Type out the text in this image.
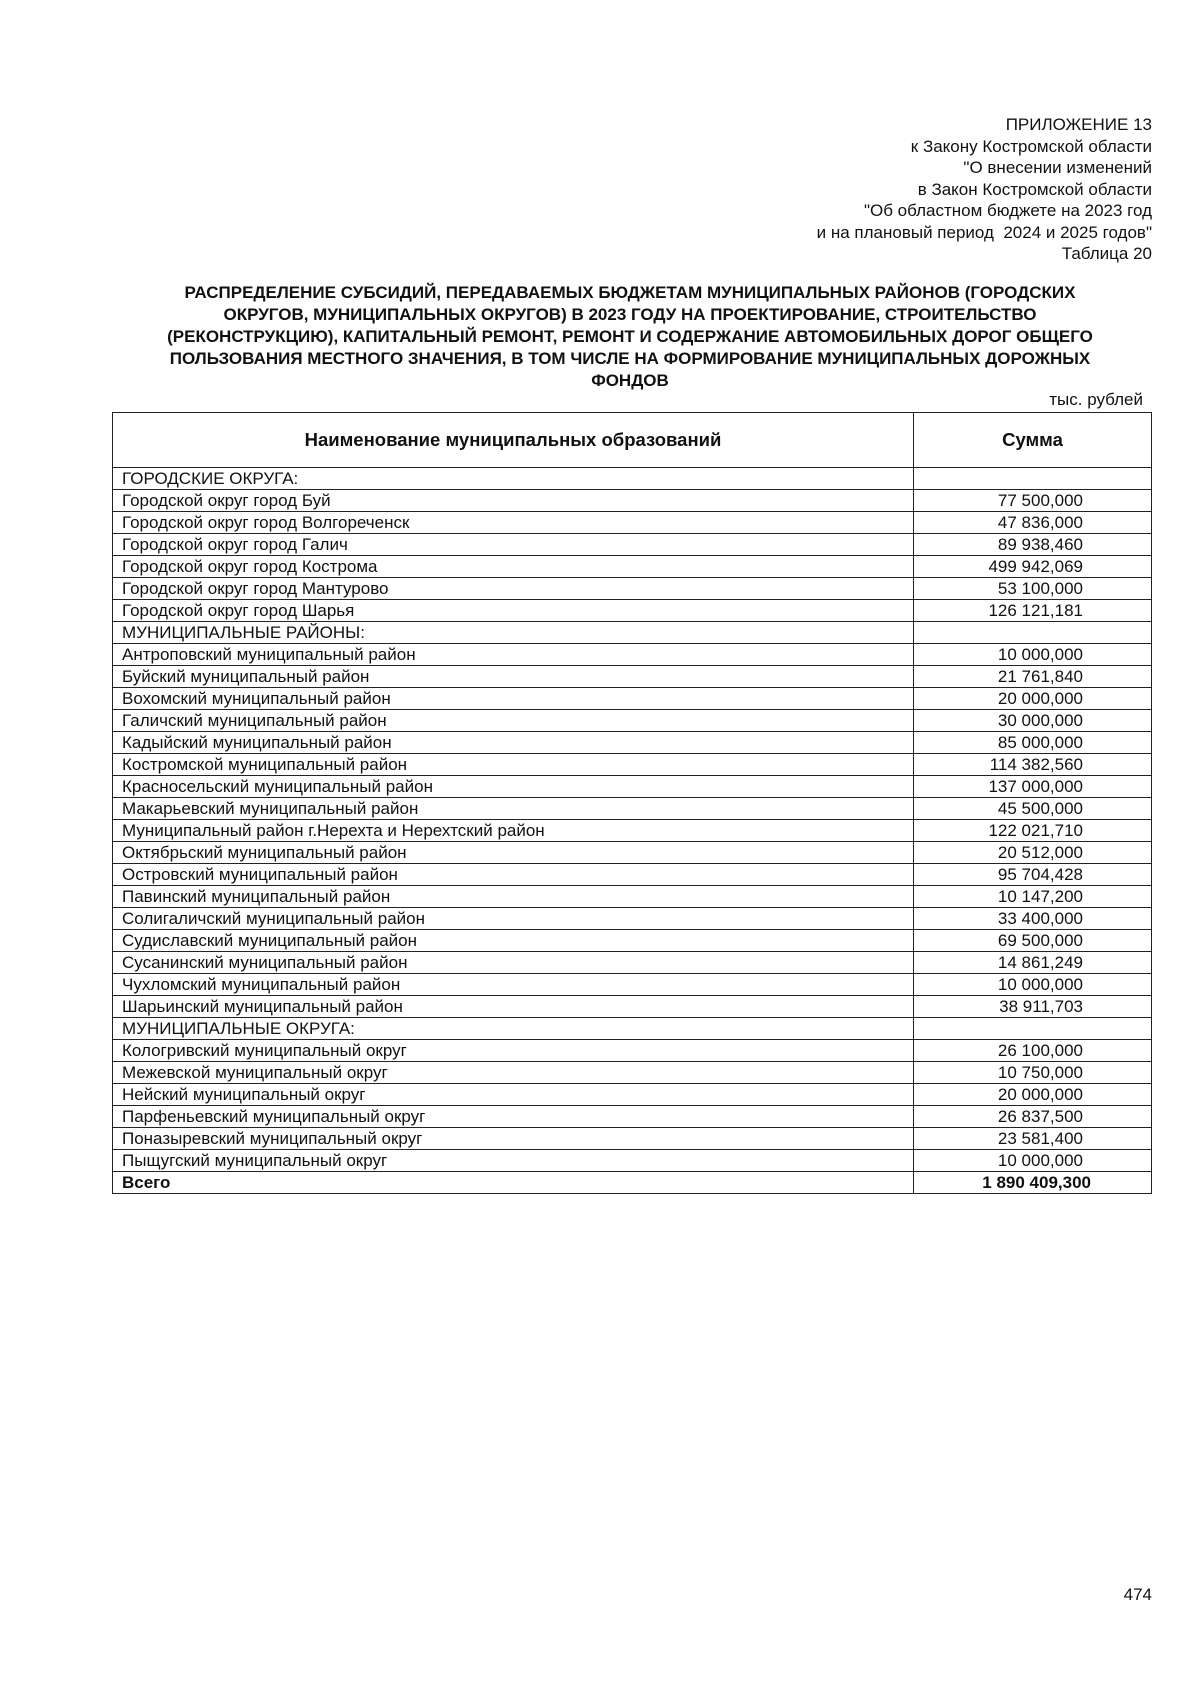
ПРИЛОЖЕНИЕ 13
к Закону Костромской области
"О внесении изменений
в Закон Костромской области
"Об областном бюджете на 2023 год
и на плановый период  2024 и 2025 годов"
Таблица 20
РАСПРЕДЕЛЕНИЕ СУБСИДИЙ, ПЕРЕДАВАЕМЫХ БЮДЖЕТАМ МУНИЦИПАЛЬНЫХ РАЙОНОВ (ГОРОДСКИХ
ОКРУГОВ, МУНИЦИПАЛЬНЫХ ОКРУГОВ) В 2023 ГОДУ НА ПРОЕКТИРОВАНИЕ, СТРОИТЕЛЬСТВО
(РЕКОНСТРУКЦИЮ), КАПИТАЛЬНЫЙ РЕМОНТ, РЕМОНТ И СОДЕРЖАНИЕ АВТОМОБИЛЬНЫХ ДОРОГ ОБЩЕГО
ПОЛЬЗОВАНИЯ МЕСТНОГО ЗНАЧЕНИЯ, В ТОМ ЧИСЛЕ НА ФОРМИРОВАНИЕ МУНИЦИПАЛЬНЫХ ДОРОЖНЫХ
ФОНДОВ
тыс. рублей
Наименование муниципальных образований	Сумма
ГОРОДСКИЕ ОКРУГА:	
Городской округ город Буй	77 500,000
Городской округ город Волгореченск	47 836,000
Городской округ город Галич	89 938,460
Городской округ город Кострома	499 942,069
Городской округ город Мантурово	53 100,000
Городской округ город Шарья	126 121,181
МУНИЦИПАЛЬНЫЕ РАЙОНЫ:	
Антроповский муниципальный район	10 000,000
Буйский муниципальный район	21 761,840
Вохомский муниципальный район	20 000,000
Галичский муниципальный район	30 000,000
Кадыйский муниципальный район	85 000,000
Костромской муниципальный район	114 382,560
Красносельский муниципальный район	137 000,000
Макарьевский муниципальный район	45 500,000
Муниципальный район г.Нерехта и Нерехтский район	122 021,710
Октябрьский муниципальный район	20 512,000
Островский муниципальный район	95 704,428
Павинский муниципальный район	10 147,200
Солигаличский муниципальный район	33 400,000
Судиславский муниципальный район	69 500,000
Сусанинский муниципальный район	14 861,249
Чухломский муниципальный район	10 000,000
Шарьинский муниципальный район	38 911,703
МУНИЦИПАЛЬНЫЕ ОКРУГА:	
Кологривский муниципальный округ	26 100,000
Межевской муниципальный округ	10 750,000
Нейский муниципальный округ	20 000,000
Парфеньевский муниципальный округ	26 837,500
Поназыревский муниципальный округ	23 581,400
Пыщугский муниципальный округ	10 000,000
Всего	1 890 409,300
474
